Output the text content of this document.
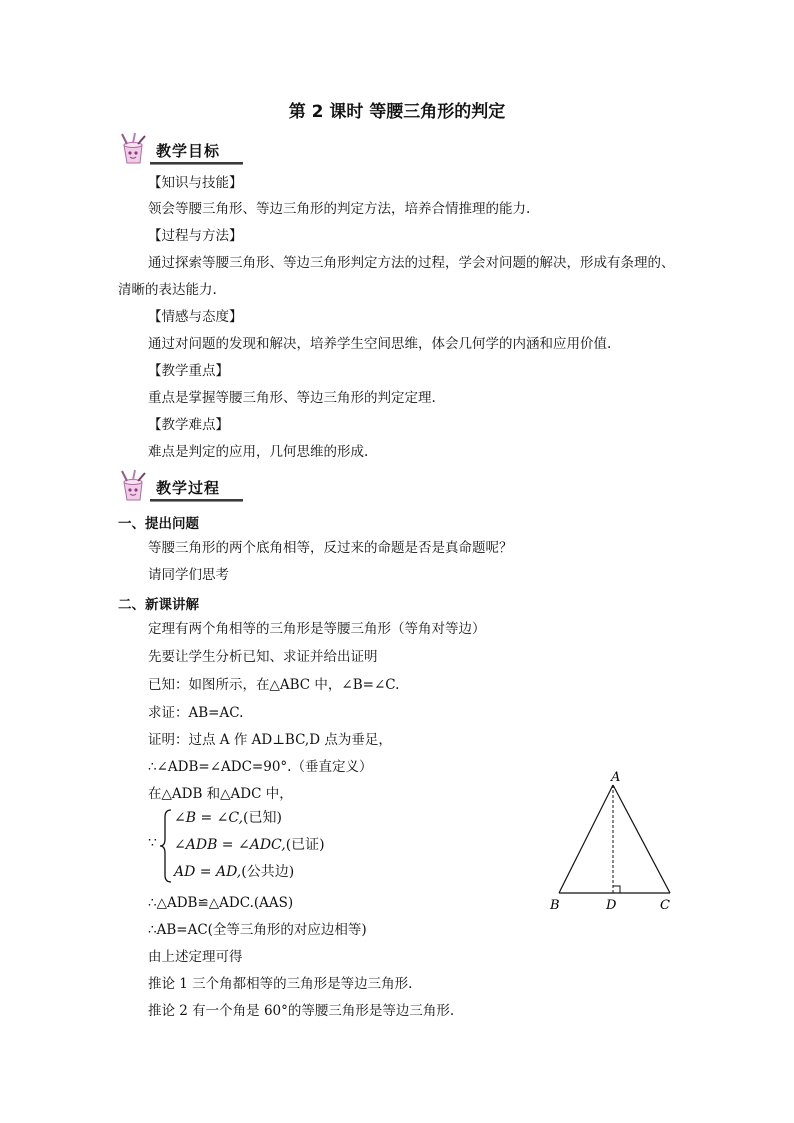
第 2 课时 等腰三角形的判定
教学目标
【知识与技能】
领会等腰三角形、等边三角形的判定方法，培养合情推理的能力.
【过程与方法】
通过探索等腰三角形、等边三角形判定方法的过程，学会对问题的解决，形成有条理的、
清晰的表达能力.
【情感与态度】
通过对问题的发现和解决，培养学生空间思维，体会几何学的内涵和应用价值.
【教学重点】
重点是掌握等腰三角形、等边三角形的判定定理.
【教学难点】
难点是判定的应用，几何思维的形成.
教学过程
一、提出问题
等腰三角形的两个底角相等，反过来的命题是否是真命题呢？
请同学们思考
二、新课讲解
定理有两个角相等的三角形是等腰三角形（等角对等边）
先要让学生分析已知、求证并给出证明
已知：如图所示，在△ABC 中，∠B=∠C.
求证：AB=AC.
证明：过点 A 作 AD⊥BC,D 点为垂足，
∴∠ADB=∠ADC=90°.（垂直定义）
在△ADB 和△ADC 中，
∵
∠B = ∠C,(已知)
∠ADB = ∠ADC,(已证)
AD = AD,(公共边)
∴△ADB≌△ADC.(AAS)
∴AB=AC(全等三角形的对应边相等)
由上述定理可得
推论 1 三个角都相等的三角形是等边三角形.
推论 2 有一个角是 60°的等腰三角形是等边三角形.
A
B	D	C
